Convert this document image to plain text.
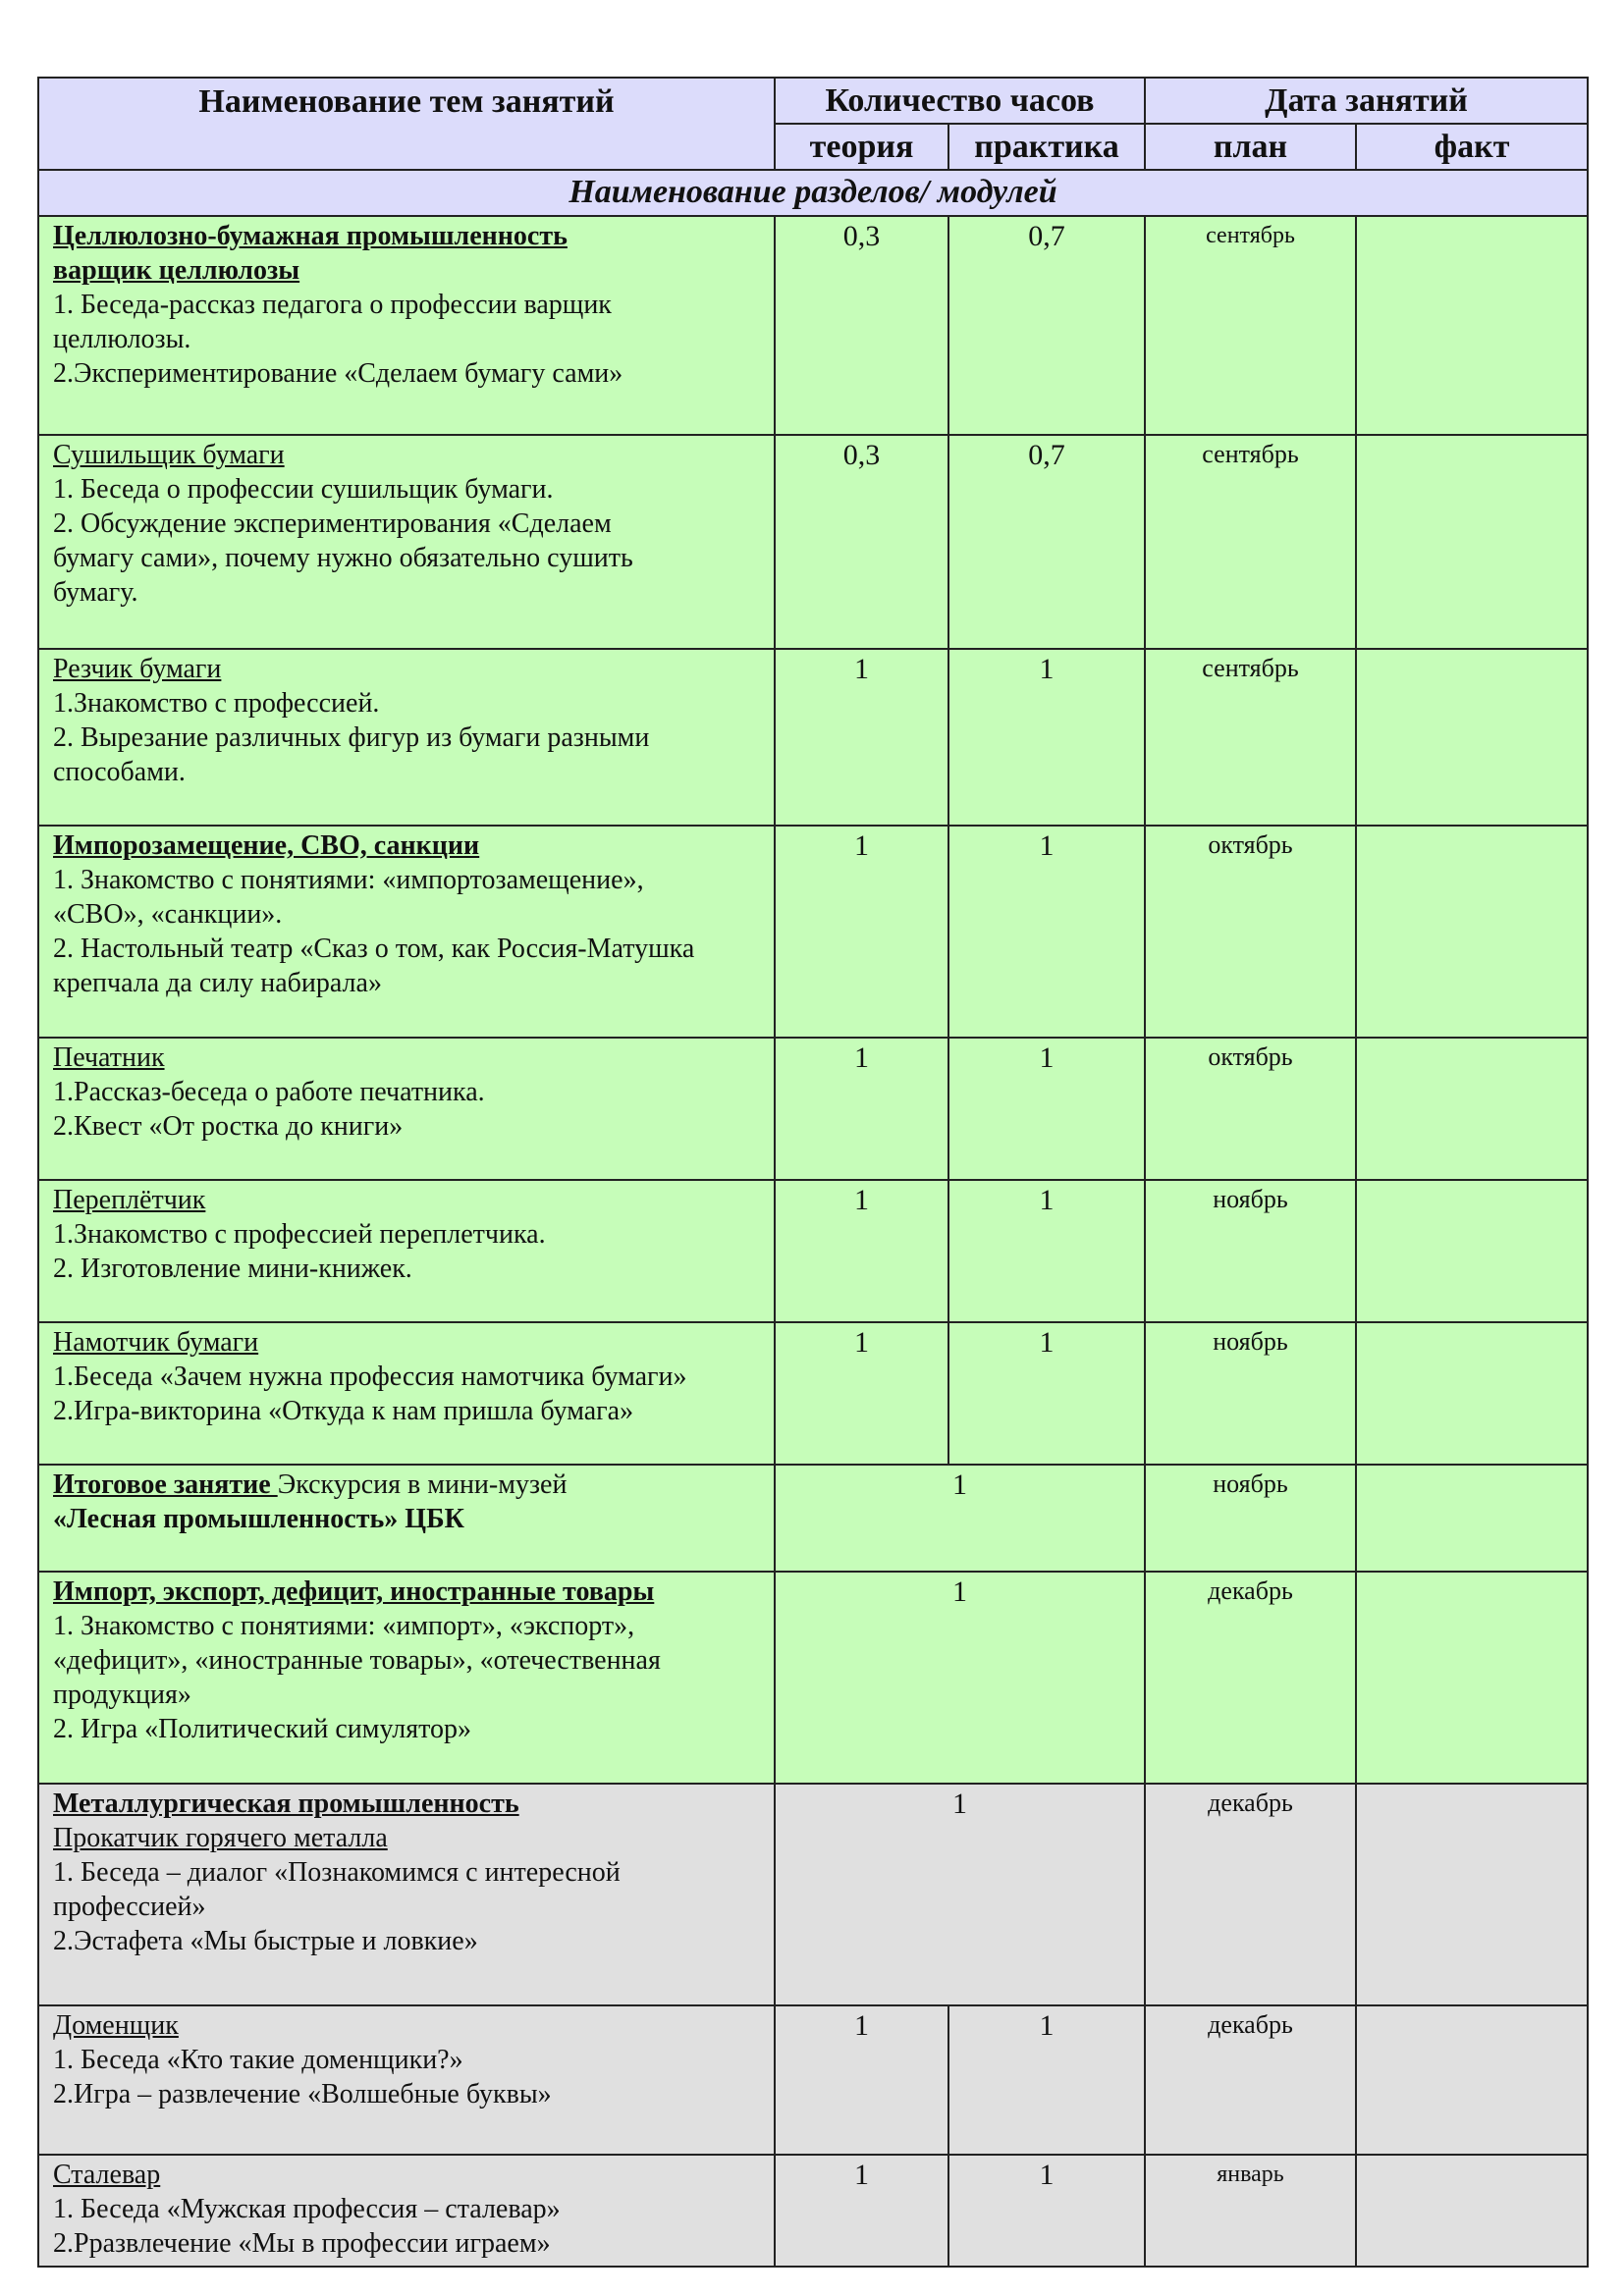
Наименование тем занятий	Количество часов		Дата занятий	
	теория	практика	план	факт
Наименование разделов/ модулей				

Целлюлозно-бумажная промышленность
варщик целлюлозы
1. Беседа-рассказ педагога о профессии варщик
целлюлозы.
2.Экспериментирование «Сделаем бумагу сами»	0,3	0,7	сентябрь	

Сушильщик бумаги
1. Беседа о профессии сушильщик бумаги.
2. Обсуждение экспериментирования «Сделаем
бумагу сами», почему нужно обязательно сушить
бумагу.	0,3	0,7	сентябрь	

Резчик бумаги
1.Знакомство с профессией.
2. Вырезание различных фигур из бумаги разными
способами.	1	1	сентябрь	

Импорозамещение, СВО, санкции
1. Знакомство с понятиями: «импортозамещение»,
«СВО», «санкции».
2. Настольный театр «Сказ о том, как Россия-Матушка
крепчала да силу набирала»	1	1	октябрь	

Печатник
1.Рассказ-беседа о работе печатника.
2.Квест «От ростка до книги»	1	1	октябрь	

Переплётчик
1.Знакомство с профессией переплетчика.
2. Изготовление мини-книжек.	1	1	ноябрь	

Намотчик бумаги
1.Беседа «Зачем нужна профессия намотчика бумаги»
2.Игра-викторина «Откуда к нам пришла бумага»	1	1	ноябрь	

Итоговое занятие Экскурсия в мини-музей
«Лесная промышленность» ЦБК	1		ноябрь	

Импорт, экспорт, дефицит, иностранные товары
1. Знакомство с понятиями: «импорт», «экспорт»,
«дефицит», «иностранные товары», «отечественная
продукция»
2. Игра «Политический симулятор»	1		декабрь	

Металлургическая промышленность
Прокатчик горячего металла
1. Беседа – диалог «Познакомимся с интересной
профессией»
2.Эстафета «Мы быстрые и ловкие»	1		декабрь	

Доменщик
1. Беседа «Кто такие доменщики?»
2.Игра – развлечение «Волшебные буквы»	1	1	декабрь	

Сталевар
1. Беседа «Мужская профессия – сталевар»
2.Рразвлечение «Мы в профессии играем»	1	1	январь	
